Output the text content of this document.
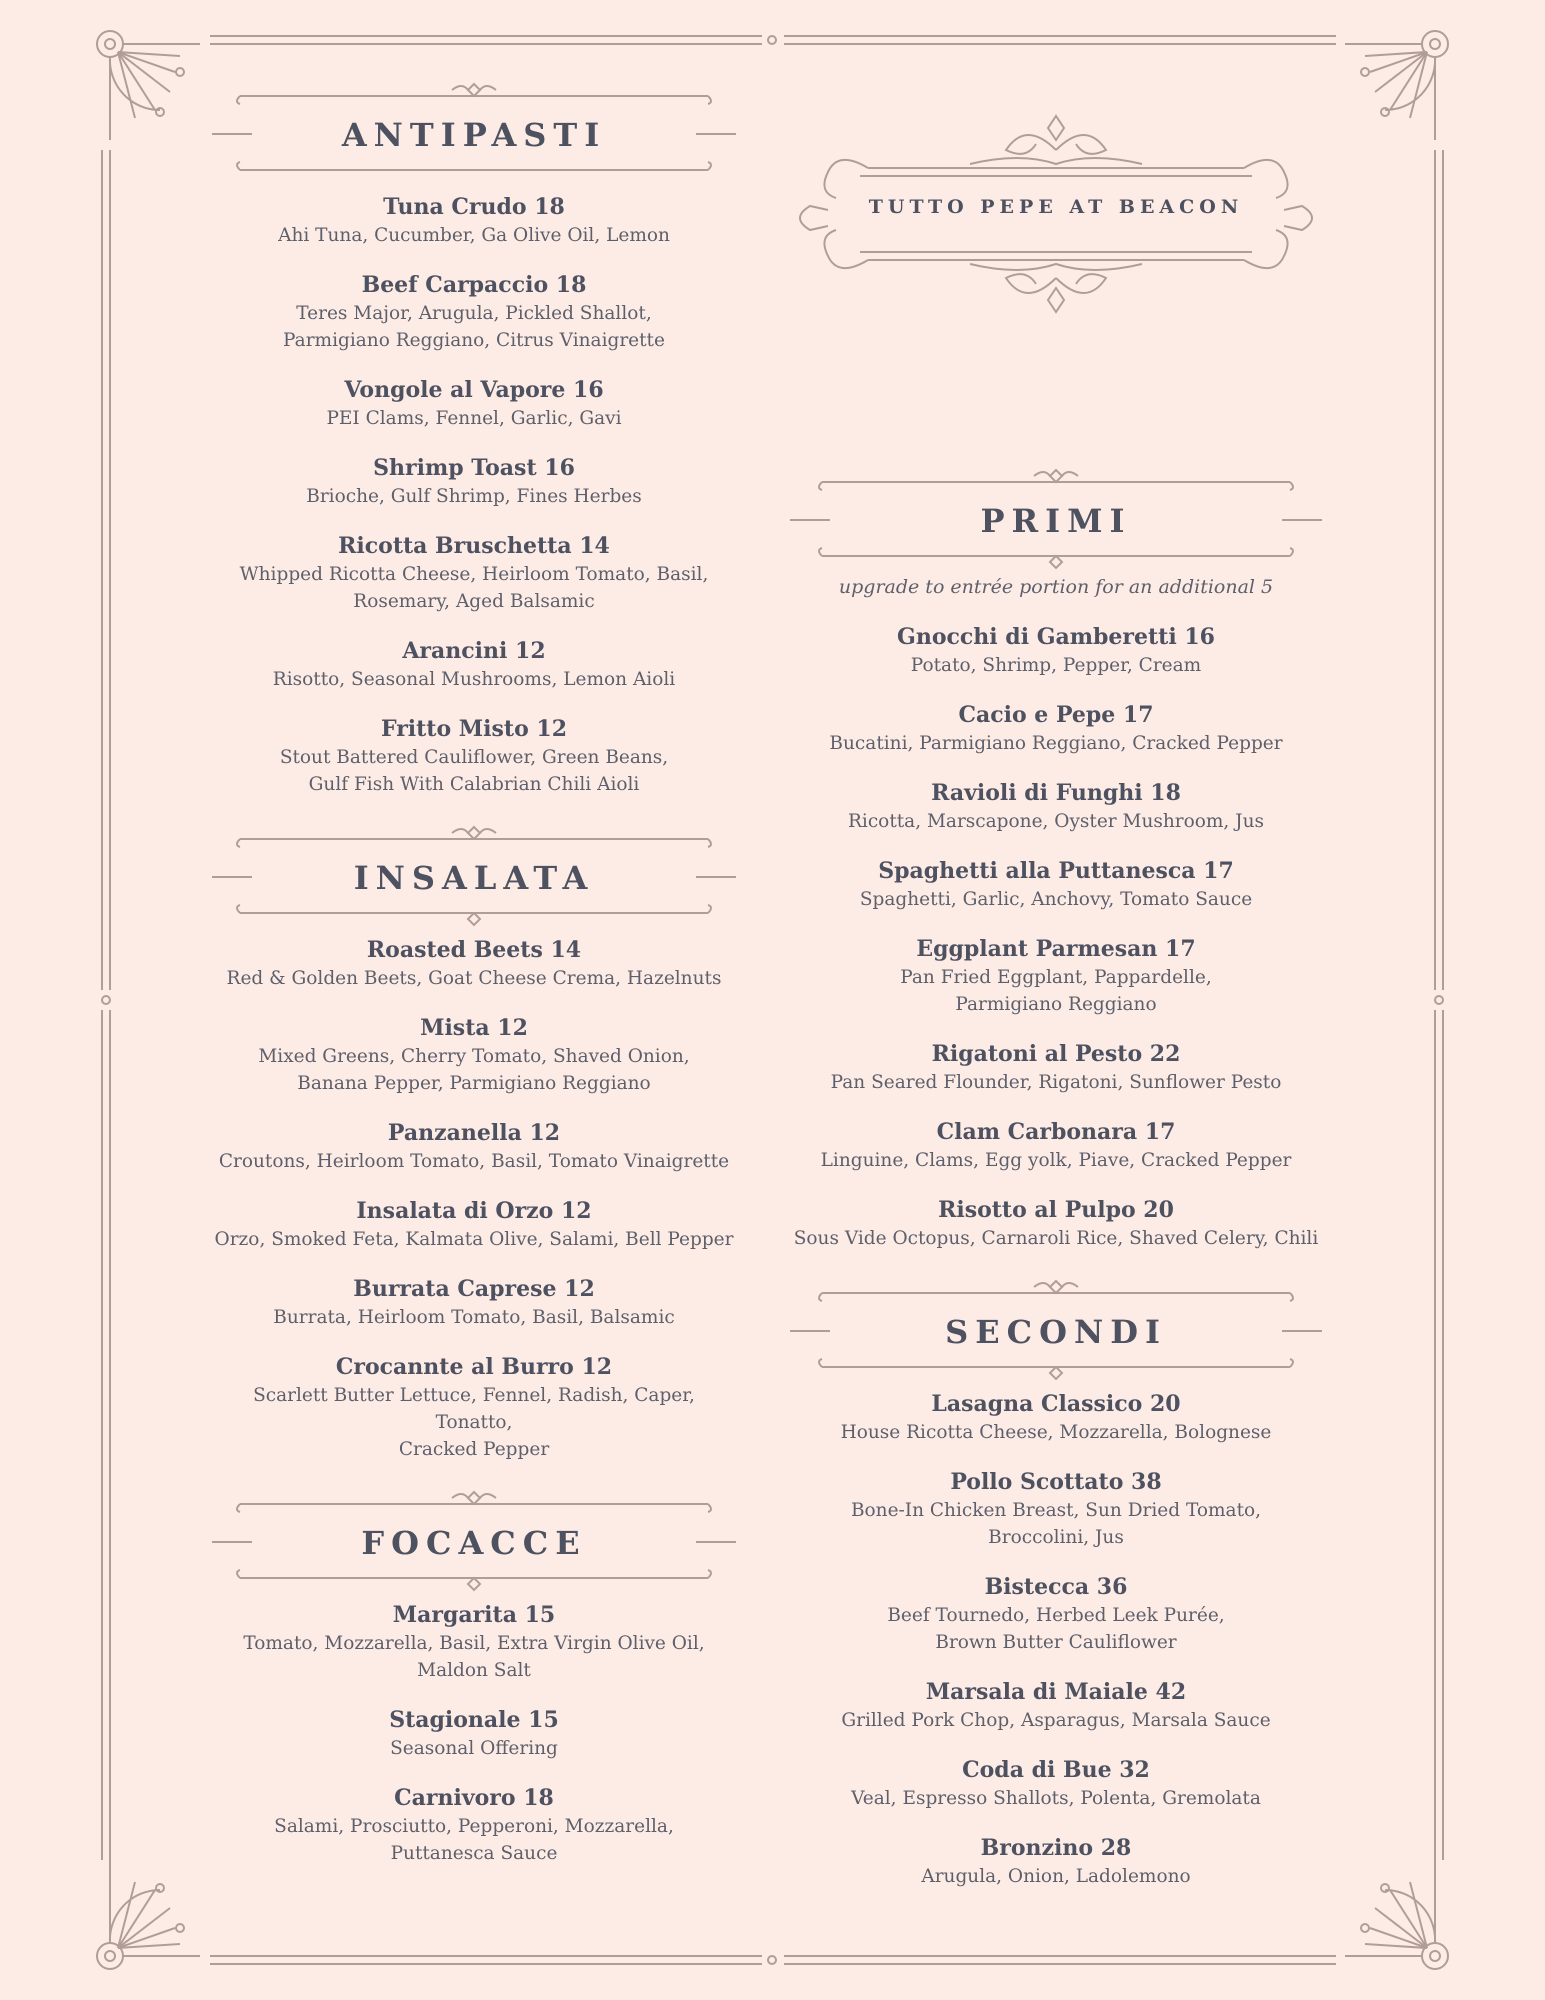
ANTIPASTI
Tuna Crudo 18
Ahi Tuna, Cucumber, Ga Olive Oil, Lemon
Beef Carpaccio 18
Teres Major, Arugula, Pickled Shallot,
Parmigiano Reggiano, Citrus Vinaigrette
Vongole al Vapore 16
PEI Clams, Fennel, Garlic, Gavi
Shrimp Toast 16
Brioche, Gulf Shrimp, Fines Herbes
Ricotta Bruschetta 14
Whipped Ricotta Cheese, Heirloom Tomato, Basil,
Rosemary, Aged Balsamic
Arancini 12
Risotto, Seasonal Mushrooms, Lemon Aioli
Fritto Misto 12
Stout Battered Cauliflower, Green Beans,
Gulf Fish With Calabrian Chili Aioli
INSALATA
Roasted Beets 14
Red & Golden Beets, Goat Cheese Crema, Hazelnuts
Mista 12
Mixed Greens, Cherry Tomato, Shaved Onion,
Banana Pepper, Parmigiano Reggiano
Panzanella 12
Croutons, Heirloom Tomato, Basil, Tomato Vinaigrette
Insalata di Orzo 12
Orzo, Smoked Feta, Kalmata Olive, Salami, Bell Pepper
Burrata Caprese 12
Burrata, Heirloom Tomato, Basil, Balsamic
Crocannte al Burro 12
Scarlett Butter Lettuce, Fennel, Radish, Caper, Tonatto,
Cracked Pepper
FOCACCE
Margarita 15
Tomato, Mozzarella, Basil, Extra Virgin Olive Oil,
Maldon Salt
Stagionale 15
Seasonal Offering
Carnivoro 18
Salami, Prosciutto, Pepperoni, Mozzarella,
Puttanesca Sauce
TUTTO PEPE AT BEACON
PRIMI
upgrade to entrée portion for an additional 5
Gnocchi di Gamberetti 16
Potato, Shrimp, Pepper, Cream
Cacio e Pepe 17
Bucatini, Parmigiano Reggiano, Cracked Pepper
Ravioli di Funghi 18
Ricotta, Marscapone, Oyster Mushroom, Jus
Spaghetti alla Puttanesca 17
Spaghetti, Garlic, Anchovy, Tomato Sauce
Eggplant Parmesan 17
Pan Fried Eggplant, Pappardelle,
Parmigiano Reggiano
Rigatoni al Pesto 22
Pan Seared Flounder, Rigatoni, Sunflower Pesto
Clam Carbonara 17
Linguine, Clams, Egg yolk, Piave, Cracked Pepper
Risotto al Pulpo 20
Sous Vide Octopus, Carnaroli Rice, Shaved Celery, Chili
SECONDI
Lasagna Classico 20
House Ricotta Cheese, Mozzarella, Bolognese
Pollo Scottato 38
Bone-In Chicken Breast, Sun Dried Tomato,
Broccolini, Jus
Bistecca 36
Beef Tournedo, Herbed Leek Purée,
Brown Butter Cauliflower
Marsala di Maiale 42
Grilled Pork Chop, Asparagus, Marsala Sauce
Coda di Bue 32
Veal, Espresso Shallots, Polenta, Gremolata
Bronzino 28
Arugula, Onion, Ladolemono
